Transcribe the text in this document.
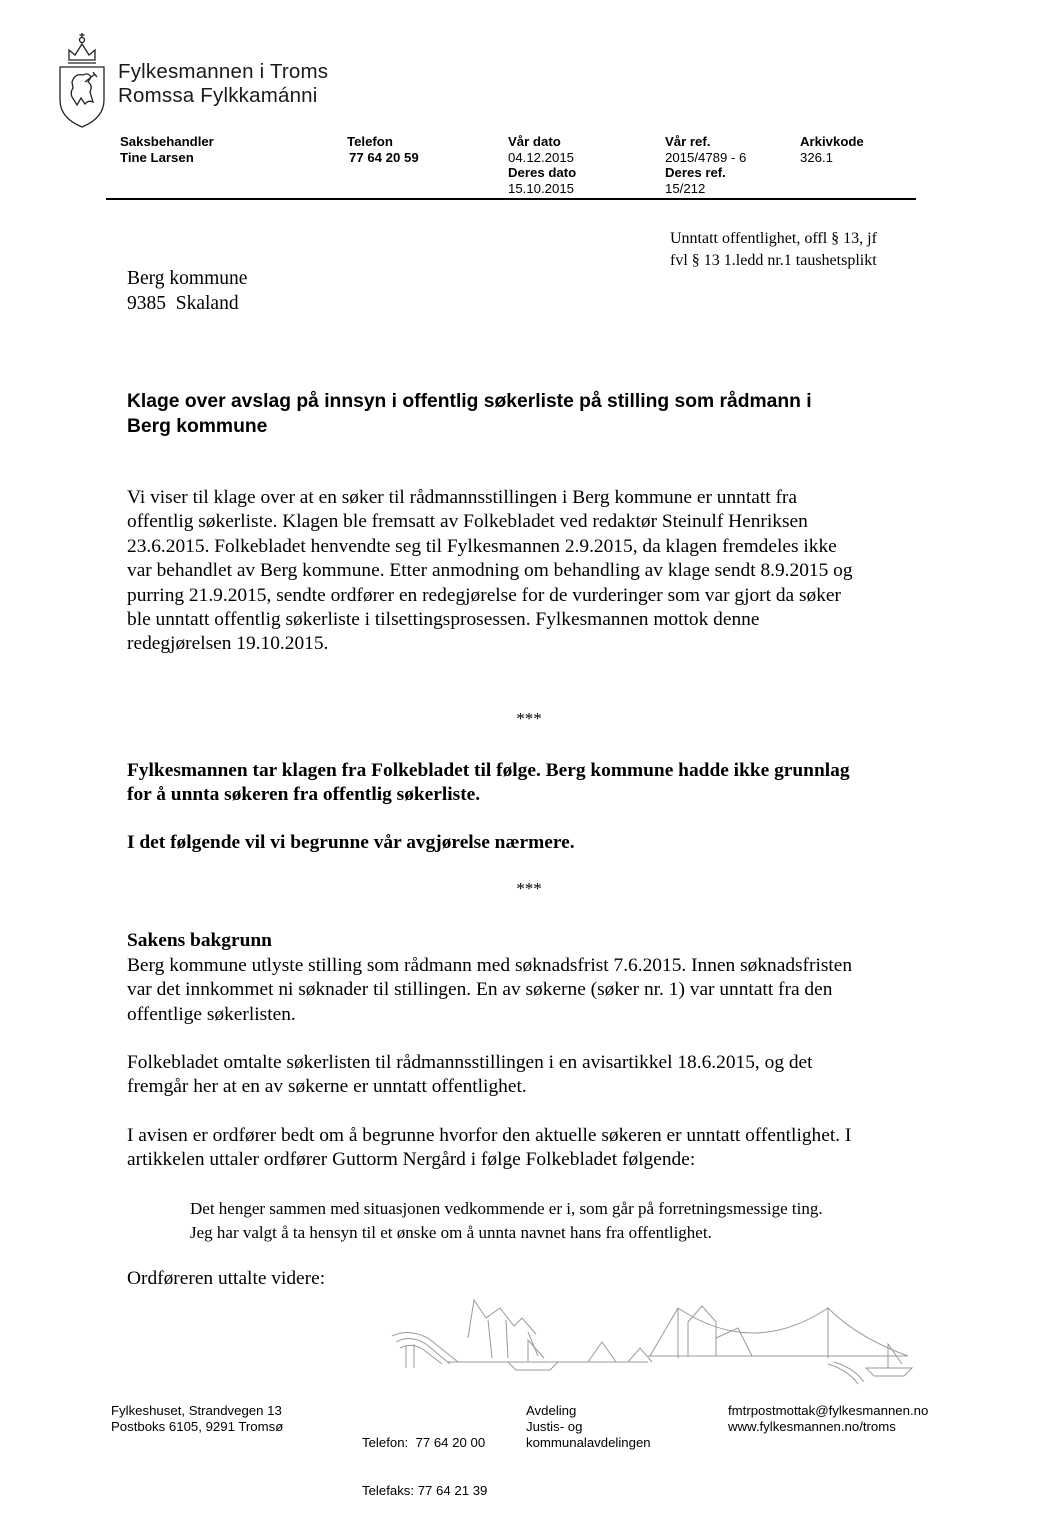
Fylkesmannen i Troms
Romssa Fylkkamánni
Saksbehandler
Tine Larsen
Telefon
77 64 20 59
Vår dato
04.12.2015
Deres dato
15.10.2015
Vår ref.
2015/4789 - 6
Deres ref.
15/212
Arkivkode
326.1
Unntatt offentlighet, offl § 13, jf
fvl § 13 1.ledd nr.1 taushetsplikt
Berg kommune
9385  Skaland
Klage over avslag på innsyn i offentlig søkerliste på stilling som rådmann i
Berg kommune
Vi viser til klage over at en søker til rådmannsstillingen i Berg kommune er unntatt fra
offentlig søkerliste. Klagen ble fremsatt av Folkebladet ved redaktør Steinulf Henriksen
23.6.2015. Folkebladet henvendte seg til Fylkesmannen 2.9.2015, da klagen fremdeles ikke
var behandlet av Berg kommune. Etter anmodning om behandling av klage sendt 8.9.2015 og
purring 21.9.2015, sendte ordfører en redegjørelse for de vurderinger som var gjort da søker
ble unntatt offentlig søkerliste i tilsettingsprosessen. Fylkesmannen mottok denne
redegjørelsen 19.10.2015.
***
Fylkesmannen tar klagen fra Folkebladet til følge. Berg kommune hadde ikke grunnlag
for å unnta søkeren fra offentlig søkerliste.
I det følgende vil vi begrunne vår avgjørelse nærmere.
***
Sakens bakgrunn
Berg kommune utlyste stilling som rådmann med søknadsfrist 7.6.2015. Innen søknadsfristen
var det innkommet ni søknader til stillingen. En av søkerne (søker nr. 1) var unntatt fra den
offentlige søkerlisten.
Folkebladet omtalte søkerlisten til rådmannsstillingen i en avisartikkel 18.6.2015, og det
fremgår her at en av søkerne er unntatt offentlighet.
I avisen er ordfører bedt om å begrunne hvorfor den aktuelle søkeren er unntatt offentlighet. I
artikkelen uttaler ordfører Guttorm Nergård i følge Folkebladet følgende:
Det henger sammen med situasjonen vedkommende er i, som går på forretningsmessige ting.
Jeg har valgt å ta hensyn til et ønske om å unnta navnet hans fra offentlighet.
Ordføreren uttalte videre:
Fylkeshuset, Strandvegen 13
Postboks 6105, 9291 Tromsø

Telefon:  77 64 20 00

Telefaks: 77 64 21 39

Avdeling
Justis- og
kommunalavdelingen
fmtrpostmottak@fylkesmannen.no
www.fylkesmannen.no/troms
